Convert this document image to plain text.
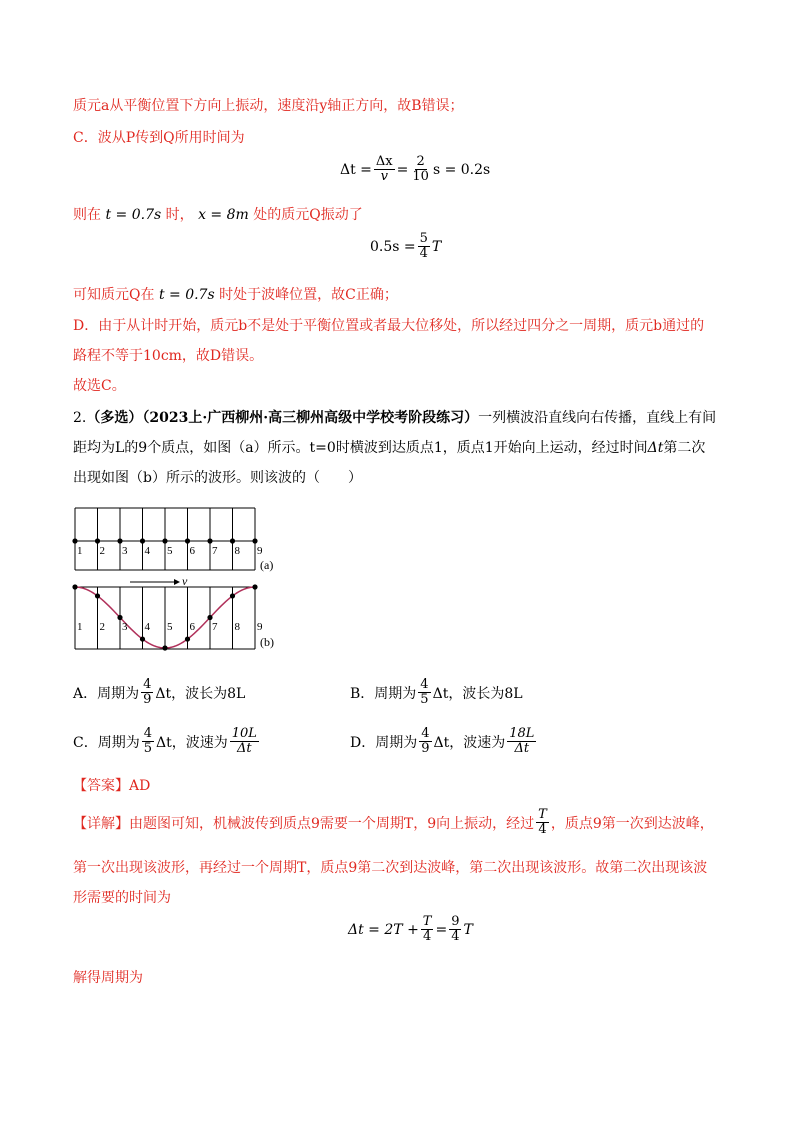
质元a从平衡位置下方向上振动，速度沿y轴正方向，故B错误；
C．波从P传到Q所用时间为
$\Delta t = \frac{\Delta x}{v} = \frac{2}{10}$ s = 0.2s
则在 t = 0.7s 时， x = 8m 处的质元Q振动了
$0.5s = \frac{5}{4}$ T
可知质元Q在 t = 0.7s 时处于波峰位置，故C正确；
D．由于从计时开始，质元b不是处于平衡位置或者最大位移处，所以经过四分之一周期，质元b通过的
路程不等于10cm，故D错误。
故选C。
2.（多选）（2023上·广西柳州·高三柳州高级中学校考阶段练习）一列横波沿直线向右传播，直线上有间
距均为L的9个质点，如图（a）所示。t=0时横波到达质点1，质点1开始向上运动，经过时间Δt第二次
出现如图（b）所示的波形。则该波的（　　）
1 2 3 4 5 6 7 8 9
1 2 3 4 5 6 7 8 9
(a)
(b)
v
A．周期为 $\frac{4}{9}$ Δt，波长为8L	B．周期为 $\frac{4}{5}$ Δt，波长为8L
C．周期为 $\frac{4}{5}$ Δt，波速为 $\frac{10L}{\Delta t}$	D．周期为 $\frac{4}{9}$ Δt，波速为 $\frac{18L}{\Delta t}$
【答案】AD
【详解】由题图可知，机械波传到质点9需要一个周期T，9向上振动，经过 $\frac{T}{4}$ ，质点9第一次到达波峰，
第一次出现该波形，再经过一个周期T，质点9第二次到达波峰，第二次出现该波形。故第二次出现该波
形需要的时间为
$\Delta t = 2T + \frac{T}{4} = \frac{9}{4}$ T
解得周期为
